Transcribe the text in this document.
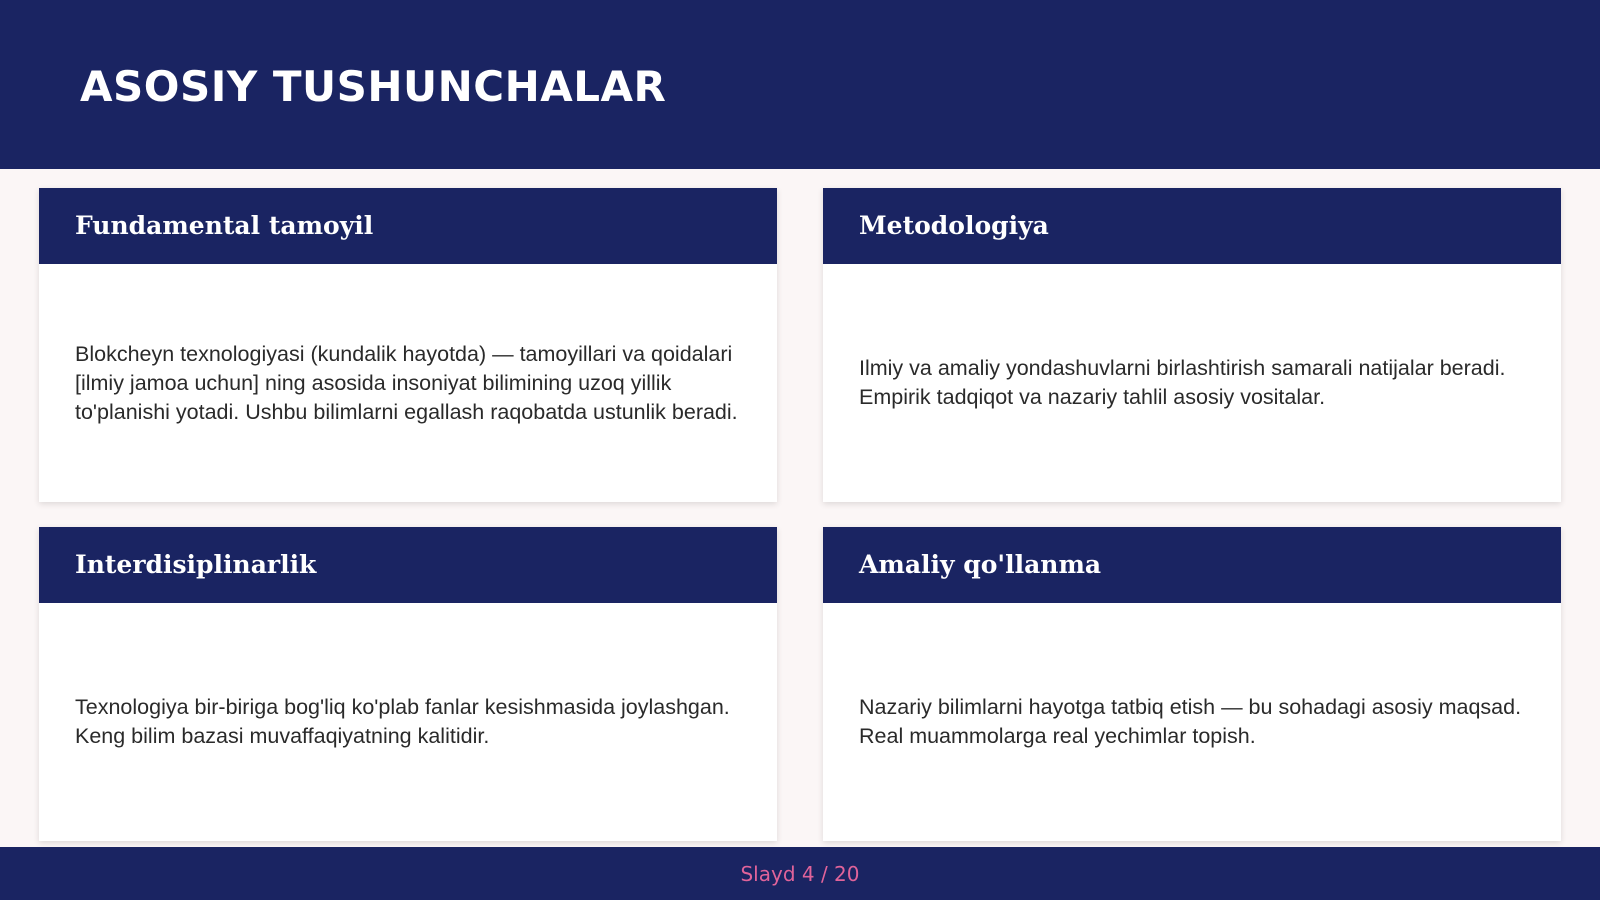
ASOSIY TUSHUNCHALAR
Fundamental tamoyil

Blokcheyn texnologiyasi (kundalik hayotda) — tamoyillari va qoidalari [ilmiy jamoa uchun] ning asosida insoniyat bilimining uzoq yillik to'planishi yotadi. Ushbu bilimlarni egallash raqobatda ustunlik beradi.

Metodologiya

Ilmiy va amaliy yondashuvlarni birlashtirish samarali natijalar beradi. Empirik tadqiqot va nazariy tahlil asosiy vositalar.

Interdisiplinarlik

Texnologiya bir-biriga bog'liq ko'plab fanlar kesishmasida joylashgan. Keng bilim bazasi muvaffaqiyatning kalitidir.

Amaliy qo'llanma

Nazariy bilimlarni hayotga tatbiq etish — bu sohadagi asosiy maqsad. Real muammolarga real yechimlar topish.

Slayd 4 / 20
